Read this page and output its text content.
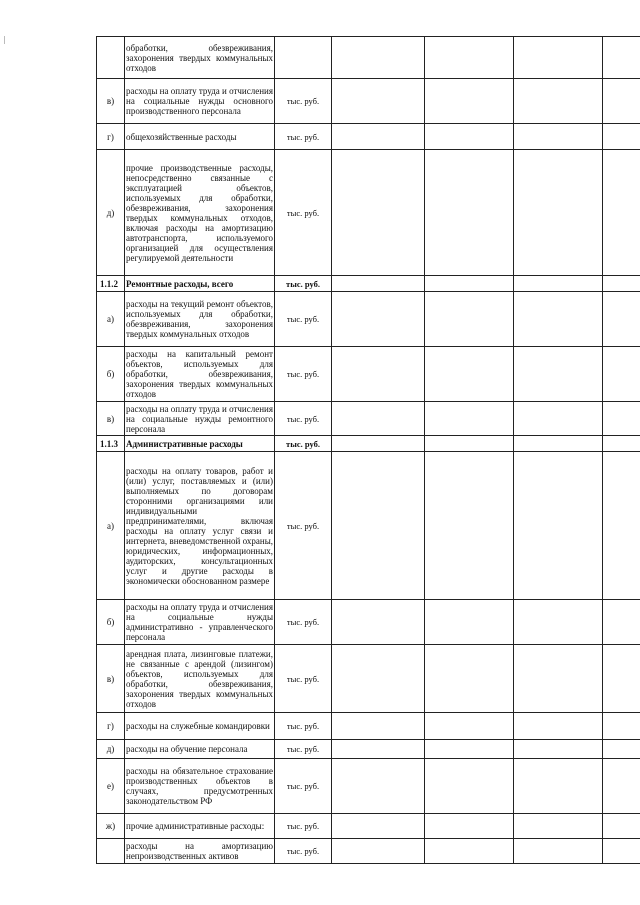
	обработки, обезвреживания, захоронения твердых коммунальных отходов					
в)	расходы на оплату труда и отчисления на социальные нужды основного производственного персонала	тыс. руб.				
г)	общехозяйственные расходы	тыс. руб.				
д)	прочие производственные расходы, непосредственно связанные с эксплуатацией объектов, используемых для обработки, обезвреживания, захоронения твердых коммунальных отходов, включая расходы на амортизацию автотранспорта, используемого организацией для осуществления регулируемой деятельности	тыс. руб.				
1.1.2	Ремонтные расходы, всего	тыс. руб.				
а)	расходы на текущий ремонт объектов, используемых для обработки, обезвреживания, захоронения твердых коммунальных отходов	тыс. руб.				
б)	расходы на капитальный ремонт объектов, используемых для обработки, обезвреживания, захоронения твердых коммунальных отходов	тыс. руб.				
в)	расходы на оплату труда и отчисления на социальные нужды ремонтного персонала	тыс. руб.				
1.1.3	Административные расходы	тыс. руб.				
а)	расходы на оплату товаров, работ и (или) услуг, поставляемых и (или) выполняемых по договорам сторонними организациями или индивидуальными предпринимателями, включая расходы на оплату услуг связи и интернета, вневедомственной охраны, юридических, информационных, аудиторских, консультационных услуг и другие расходы в экономически обоснованном размере	тыс. руб.				
б)	расходы на оплату труда и отчисления на социальные нужды административно - управленческого персонала	тыс. руб.				
в)	арендная плата, лизинговые платежи, не связанные с арендой (лизингом) объектов, используемых для обработки, обезвреживания, захоронения твердых коммунальных отходов	тыс. руб.				
г)	расходы на служебные командировки	тыс. руб.				
д)	расходы на обучение персонала	тыс. руб.				
е)	расходы на обязательное страхование производственных объектов в случаях, предусмотренных законодательством РФ	тыс. руб.				
ж)	прочие административные расходы:	тыс. руб.				
	расходы на амортизацию непроизводственных активов	тыс. руб.				
